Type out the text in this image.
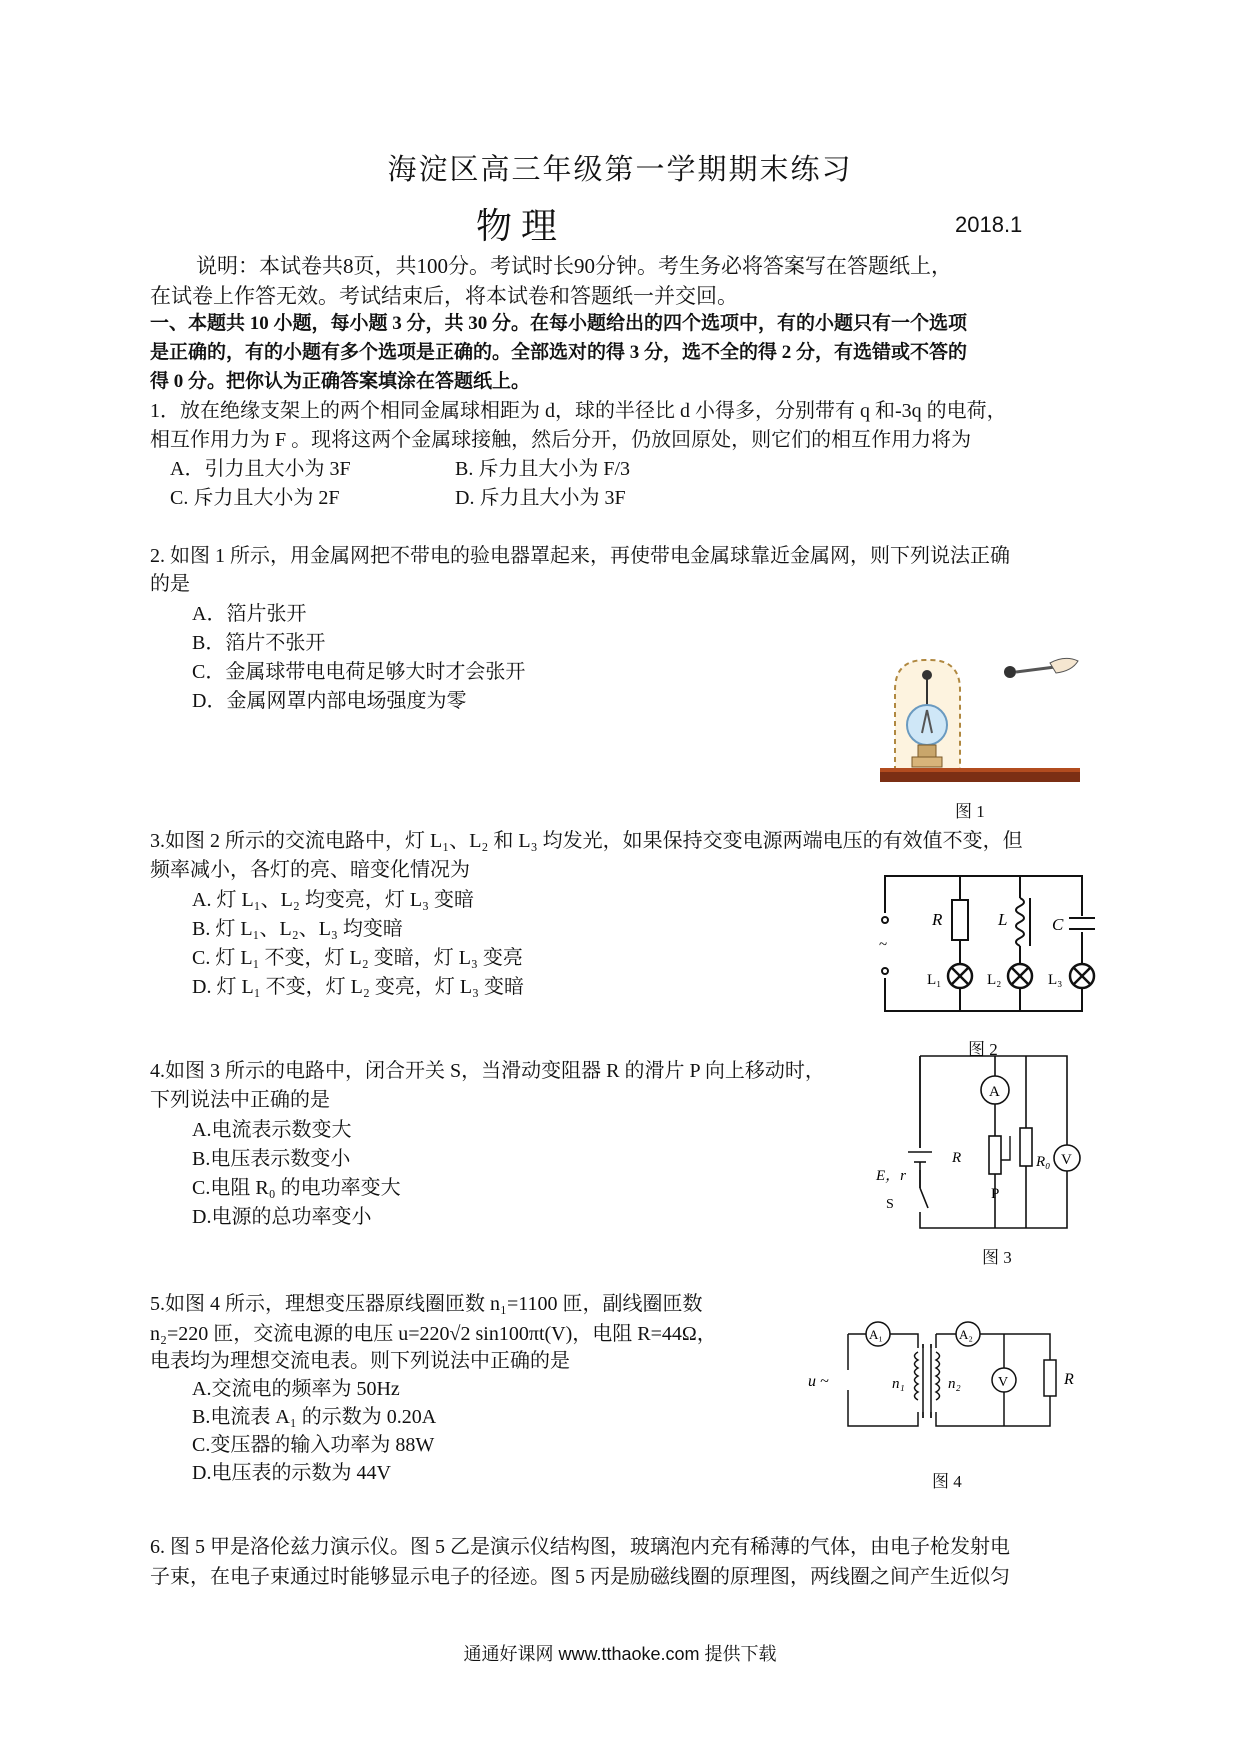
海淀区高三年级第一学期期末练习
物 理	2018.1
说明：本试卷共8页，共100分。考试时长90分钟。考生务必将答案写在答题纸上，
在试卷上作答无效。考试结束后，将本试卷和答题纸一并交回。
一、本题共 10 小题，每小题 3 分，共 30 分。在每小题给出的四个选项中，有的小题只有一个选项
是正确的，有的小题有多个选项是正确的。全部选对的得 3 分，选不全的得 2 分，有选错或不答的
得 0 分。把你认为正确答案填涂在答题纸上。
1．放在绝缘支架上的两个相同金属球相距为 d，球的半径比 d 小得多，分别带有 q 和-3q 的电荷，
相互作用力为 F 。现将这两个金属球接触，然后分开，仍放回原处，则它们的相互作用力将为
A．引力且大小为 3F	B. 斥力且大小为 F/3
C. 斥力且大小为 2F	D. 斥力且大小为 3F
2. 如图 1 所示，用金属网把不带电的验电器罩起来，再使带电金属球靠近金属网，则下列说法正确
的是
A．箔片张开
B．箔片不张开
C．金属球带电电荷足够大时才会张开
D．金属网罩内部电场强度为零
图 1
3.如图 2 所示的交流电路中，灯 L₁、L₂ 和 L₃ 均发光，如果保持交变电源两端电压的有效值不变，但
频率减小，各灯的亮、暗变化情况为
A. 灯 L₁、L₂ 均变亮，灯 L₃ 变暗
B. 灯 L₁、L₂、L₃ 均变暗
C. 灯 L₁ 不变，灯 L₂ 变暗，灯 L₃ 变亮
D. 灯 L₁ 不变，灯 L₂ 变亮，灯 L₃ 变暗
~
R	L	C
L₁	L₂	L₃
图 2
4.如图 3 所示的电路中，闭合开关 S，当滑动变阻器 R 的滑片 P 向上移动时，
下列说法中正确的是
A.电流表示数变大
B.电压表示数变小
C.电阻 R₀ 的电功率变大
D.电源的总功率变小
E，r
S
A
R
P
R₀ V
图 3
5.如图 4 所示，理想变压器原线圈匝数 n₁=1100 匝，副线圈匝数
n₂=220 匝，交流电源的电压 u=220√2 sin100πt(V)，电阻 R=44Ω，
电表均为理想交流电表。则下列说法中正确的是
A.交流电的频率为 50Hz
B.电流表 A₁ 的示数为 0.20A
C.变压器的输入功率为 88W
D.电压表的示数为 44V
u ~
A₁	A₂
n₁	n₂	V	R
图 4
6. 图 5 甲是洛伦兹力演示仪。图 5 乙是演示仪结构图，玻璃泡内充有稀薄的气体，由电子枪发射电
子束，在电子束通过时能够显示电子的径迹。图 5 丙是励磁线圈的原理图，两线圈之间产生近似匀
通通好课网 www.tthaoke.com 提供下载
